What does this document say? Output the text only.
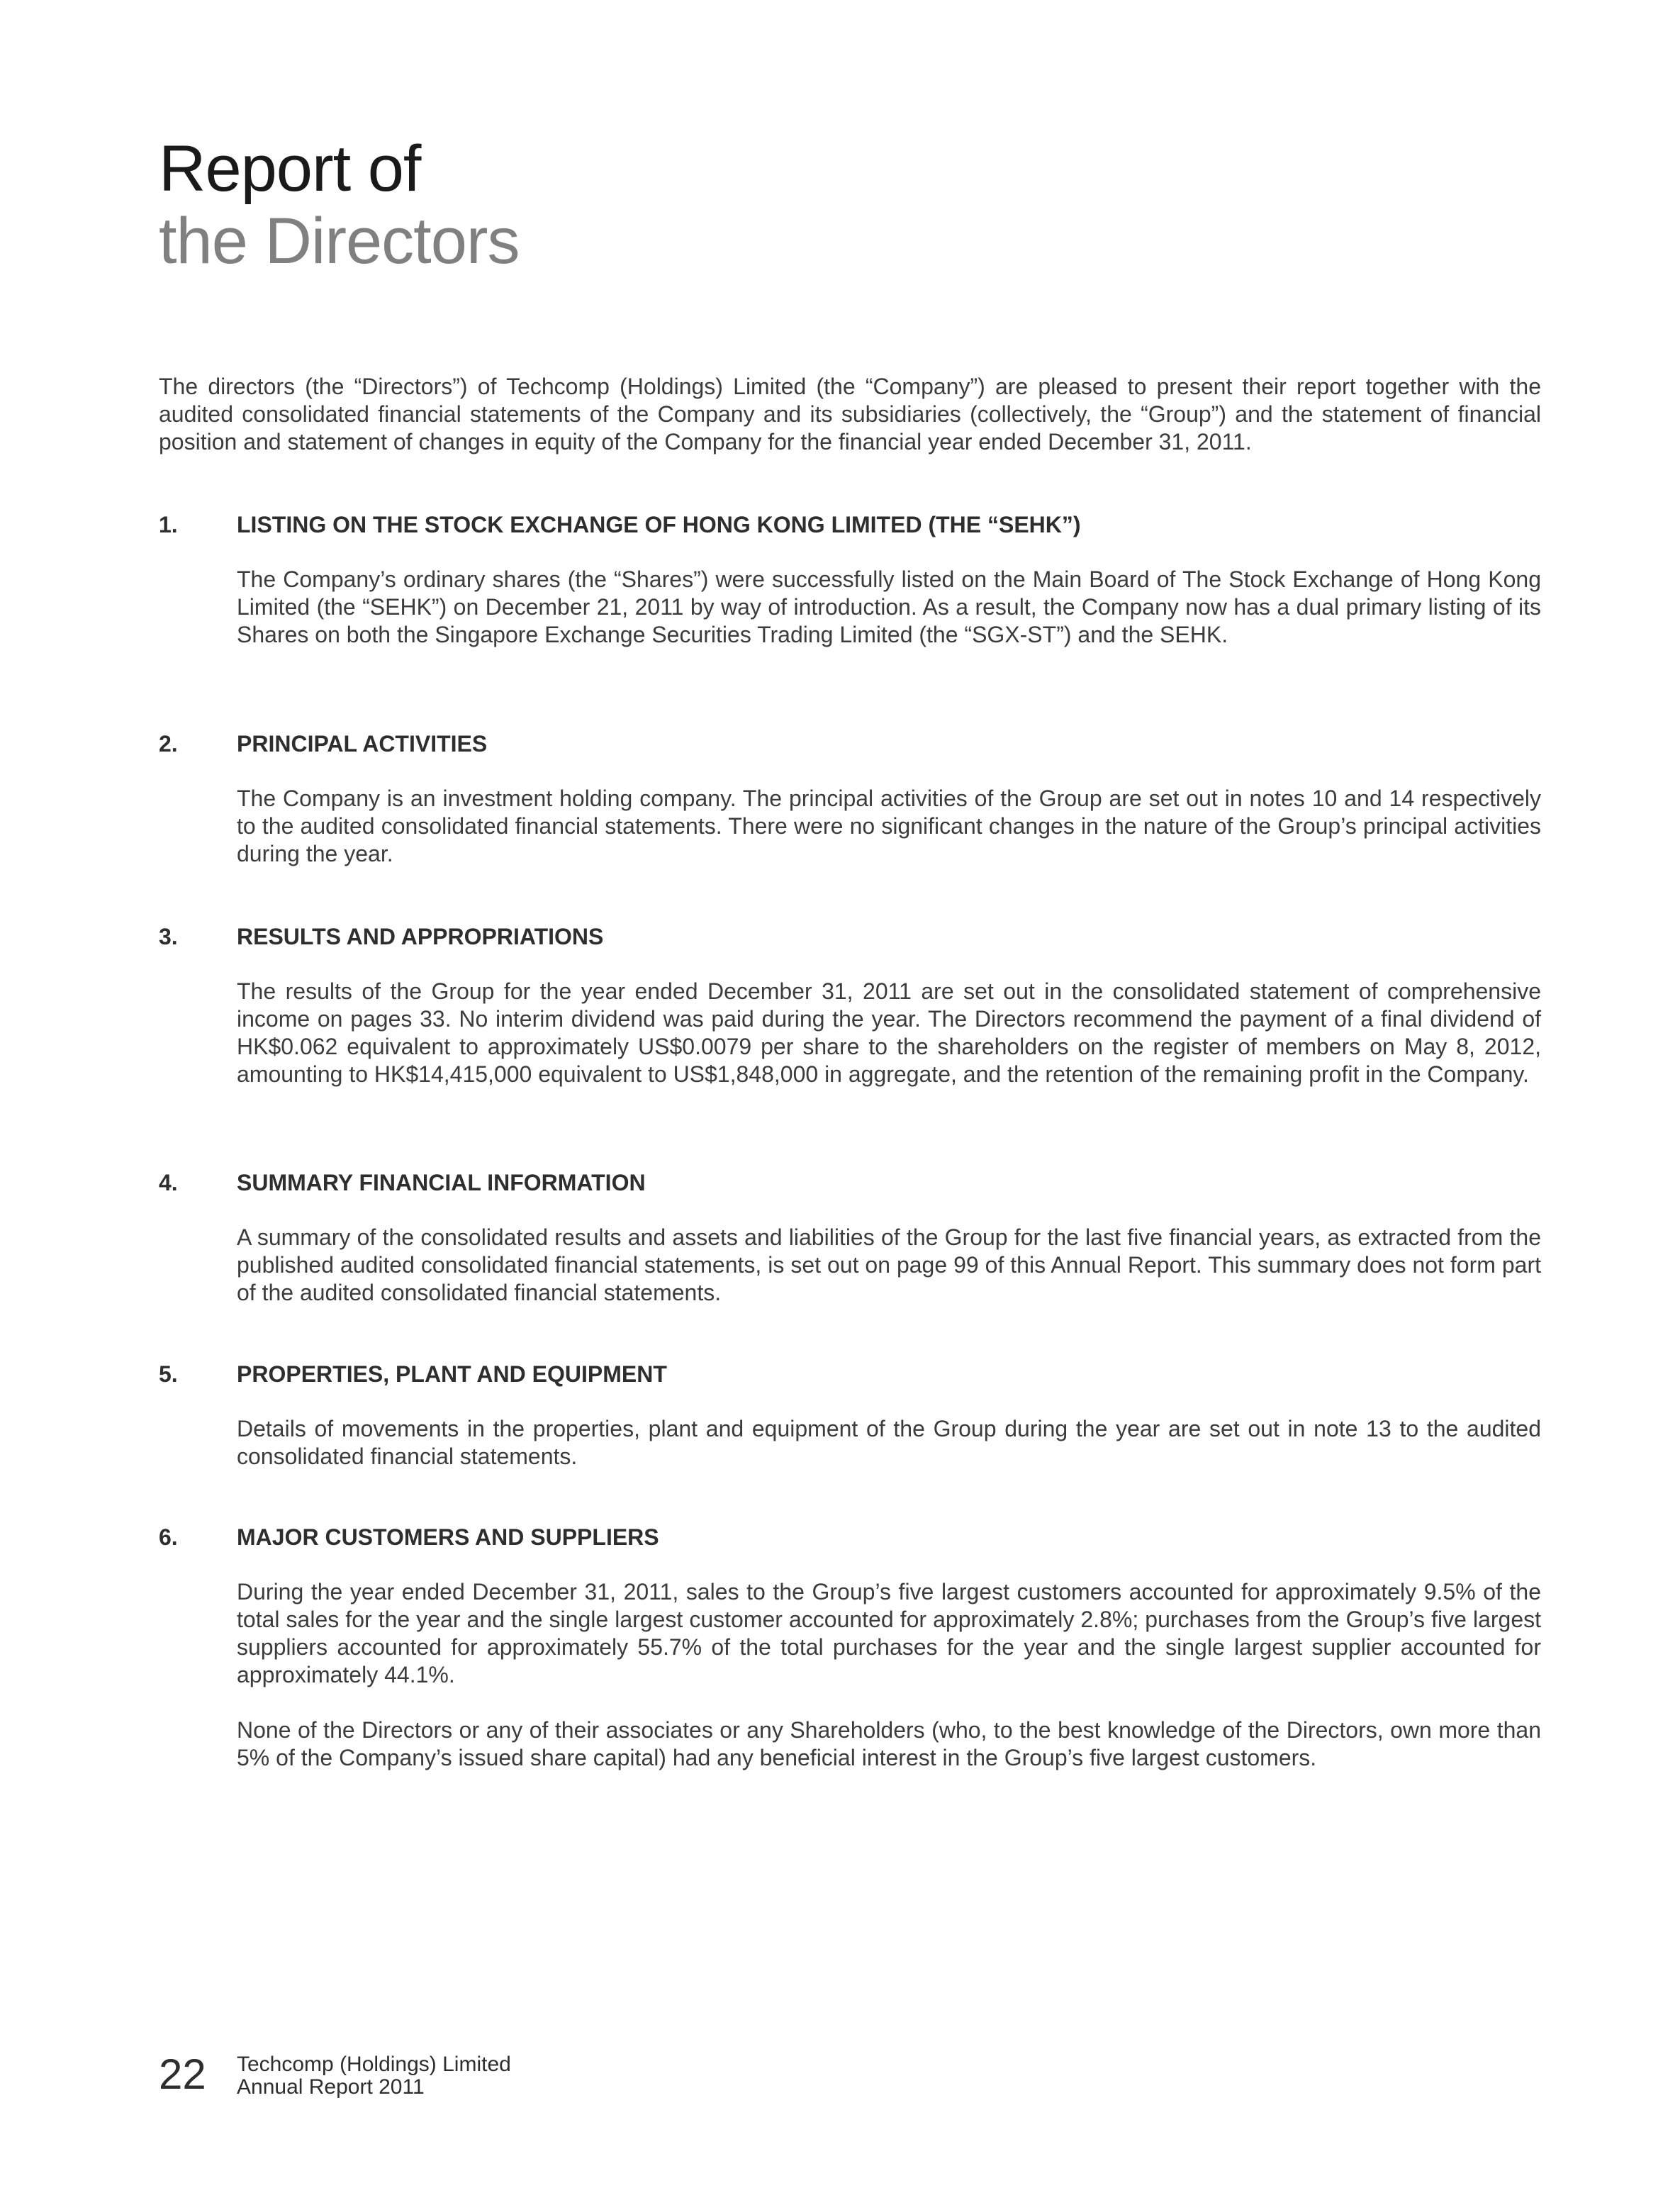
Report of
the Directors

The directors (the “Directors”) of Techcomp (Holdings) Limited (the “Company”) are pleased to present their report together with the audited consolidated financial statements of the Company and its subsidiaries (collectively, the “Group”) and the statement of financial position and statement of changes in equity of the Company for the financial year ended December 31, 2011.

1.	LISTING ON THE STOCK EXCHANGE OF HONG KONG LIMITED (THE “SEHK”)

The Company’s ordinary shares (the “Shares”) were successfully listed on the Main Board of The Stock Exchange of Hong Kong Limited (the “SEHK”) on December 21, 2011 by way of introduction. As a result, the Company now has a dual primary listing of its Shares on both the Singapore Exchange Securities Trading Limited (the “SGX-ST”) and the SEHK.

2.	PRINCIPAL ACTIVITIES

The Company is an investment holding company. The principal activities of the Group are set out in notes 10 and 14 respectively to the audited consolidated financial statements. There were no significant changes in the nature of the Group’s principal activities during the year.

3.	RESULTS AND APPROPRIATIONS

The results of the Group for the year ended December 31, 2011 are set out in the consolidated statement of comprehensive income on pages 33. No interim dividend was paid during the year. The Directors recommend the payment of a final dividend of HK$0.062 equivalent to approximately US$0.0079 per share to the shareholders on the register of members on May 8, 2012, amounting to HK$14,415,000 equivalent to US$1,848,000 in aggregate, and the retention of the remaining profit in the Company.

4.	SUMMARY FINANCIAL INFORMATION

A summary of the consolidated results and assets and liabilities of the Group for the last five financial years, as extracted from the published audited consolidated financial statements, is set out on page 99 of this Annual Report. This summary does not form part of the audited consolidated financial statements.

5.	PROPERTIES, PLANT AND EQUIPMENT

Details of movements in the properties, plant and equipment of the Group during the year are set out in note 13 to the audited consolidated financial statements.

6.	MAJOR CUSTOMERS AND SUPPLIERS

During the year ended December 31, 2011, sales to the Group’s five largest customers accounted for approximately 9.5% of the total sales for the year and the single largest customer accounted for approximately 2.8%; purchases from the Group’s five largest suppliers accounted for approximately 55.7% of the total purchases for the year and the single largest supplier accounted for approximately 44.1%.

None of the Directors or any of their associates or any Shareholders (who, to the best knowledge of the Directors, own more than 5% of the Company’s issued share capital) had any beneficial interest in the Group’s five largest customers.

22 Techcomp (Holdings) Limited
Annual Report 2011
